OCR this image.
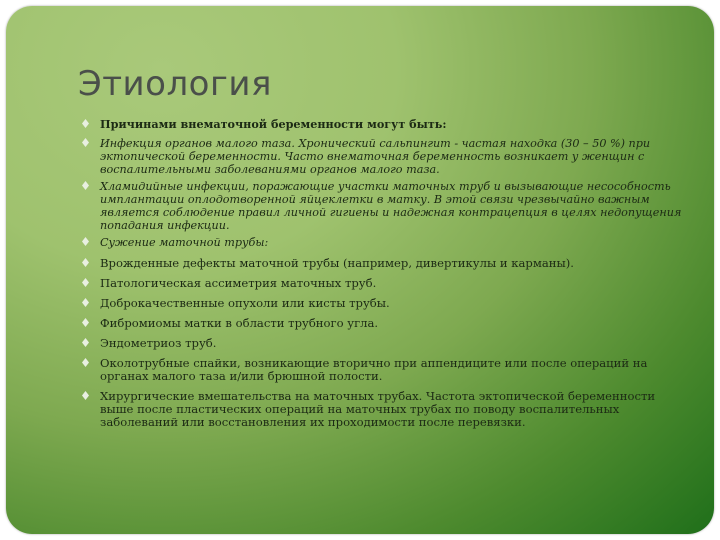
Этиология
Причинами внематочной беременности могут быть:
Инфекция органов малого таза. Хронический сальпингит - частая находка (30 – 50 %) при эктопической беременности. Часто внематочная беременность возникает у женщин с воспалительными заболеваниями органов малого таза.
Хламидийные инфекции, поражающие участки маточных труб и вызывающие несособность имплантации оплодотворенной яйцеклетки в матку. В этой связи чрезвычайно важным является соблюдение правил личной гигиены и надежная контрацепция в целях недопущения попадания инфекции.
Сужение маточной трубы:
Врожденные дефекты маточной трубы (например, дивертикулы и карманы).
Патологическая ассиметрия маточных труб.
Доброкачественные опухоли или кисты трубы.
Фибромиомы матки в области трубного угла.
Эндометриоз труб.
Околотрубные спайки, возникающие вторично при аппендиците или после операций на органах малого таза и/или брюшной полости.
Хирургические вмешательства на маточных трубах. Частота эктопической беременности выше после пластических операций на маточных трубах по поводу воспалительных заболеваний или восстановления их проходимости после перевязки.
